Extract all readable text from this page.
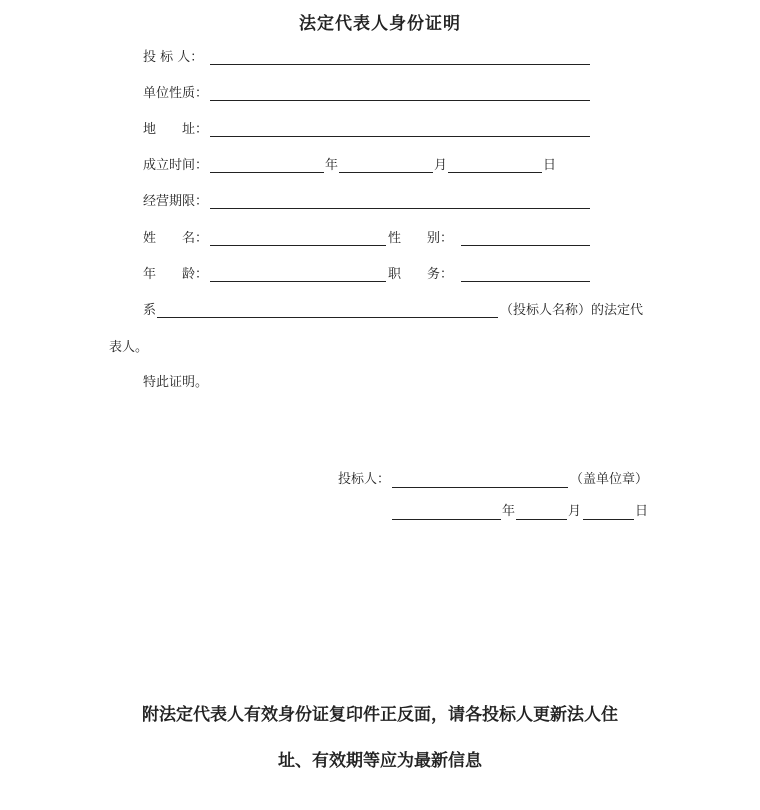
法定代表人身份证明
投 标 人：
单位性质：
地　　址：
成立时间：	年	月	日
经营期限：
姓　　名：	性　　别：
年　　龄：	职　　务：
系	（投标人名称）的法定代
表人。
特此证明。
投标人：	（盖单位章）
年	月	日
附法定代表人有效身份证复印件正反面，请各投标人更新法人住
址、有效期等应为最新信息
